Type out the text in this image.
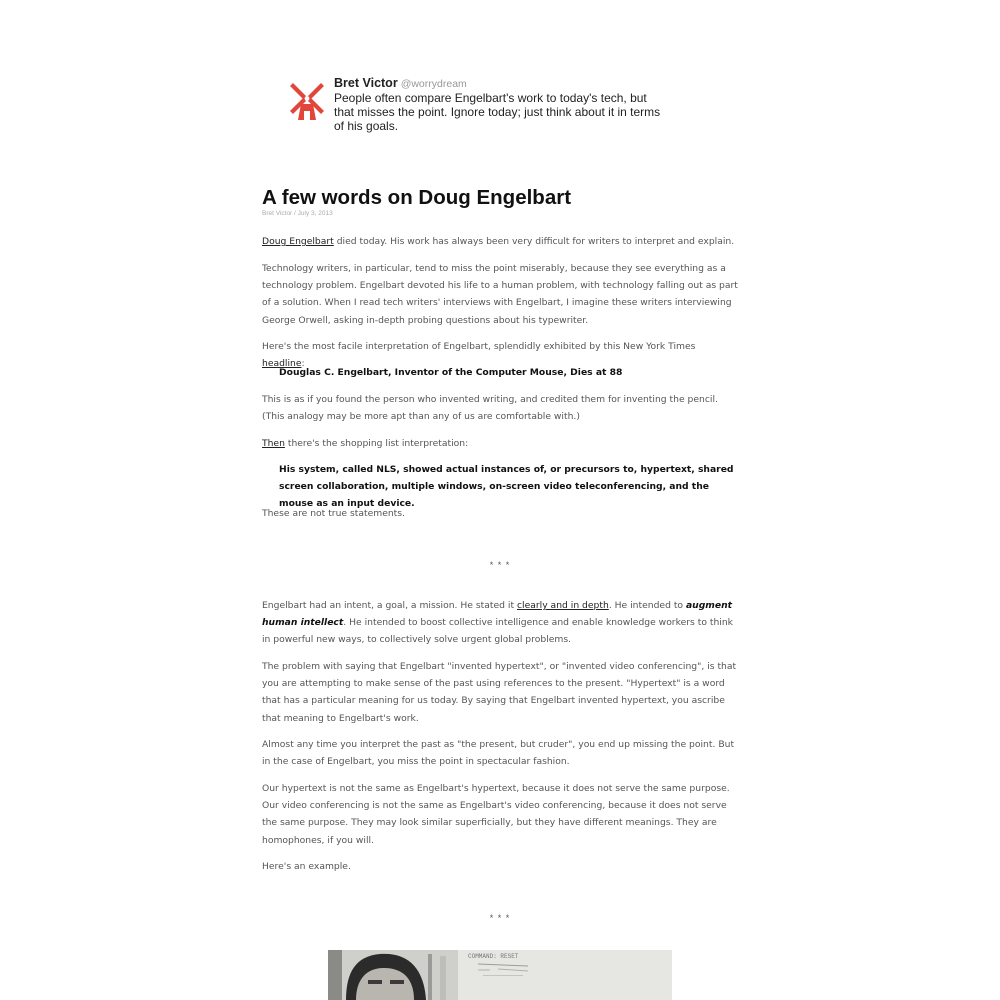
Bret Victor @worrydream
People often compare Engelbart's work to today's tech, but that misses the point. Ignore today; just think about it in terms of his goals.
A few words on Doug Engelbart
Bret Victor / July 3, 2013

Doug Engelbart died today. His work has always been very difficult for writers to interpret and explain.

Technology writers, in particular, tend to miss the point miserably, because they see everything as a technology problem. Engelbart devoted his life to a human problem, with technology falling out as part of a solution. When I read tech writers' interviews with Engelbart, I imagine these writers interviewing George Orwell, asking in-depth probing questions about his typewriter.

Here's the most facile interpretation of Engelbart, splendidly exhibited by this New York Times headline:

Douglas C. Engelbart, Inventor of the Computer Mouse, Dies at 88

This is as if you found the person who invented writing, and credited them for inventing the pencil. (This analogy may be more apt than any of us are comfortable with.)

Then there's the shopping list interpretation:

His system, called NLS, showed actual instances of, or precursors to, hypertext, shared screen collaboration, multiple windows, on-screen video teleconferencing, and the mouse as an input device.

These are not true statements.

* * *

Engelbart had an intent, a goal, a mission. He stated it clearly and in depth. He intended to augment human intellect. He intended to boost collective intelligence and enable knowledge workers to think in powerful new ways, to collectively solve urgent global problems.

The problem with saying that Engelbart "invented hypertext", or "invented video conferencing", is that you are attempting to make sense of the past using references to the present. "Hypertext" is a word that has a particular meaning for us today. By saying that Engelbart invented hypertext, you ascribe that meaning to Engelbart's work.

Almost any time you interpret the past as "the present, but cruder", you end up missing the point. But in the case of Engelbart, you miss the point in spectacular fashion.

Our hypertext is not the same as Engelbart's hypertext, because it does not serve the same purpose. Our video conferencing is not the same as Engelbart's video conferencing, because it does not serve the same purpose. They may look similar superficially, but they have different meanings. They are homophones, if you will.

Here's an example.

* * *
COMMAND: RESET
